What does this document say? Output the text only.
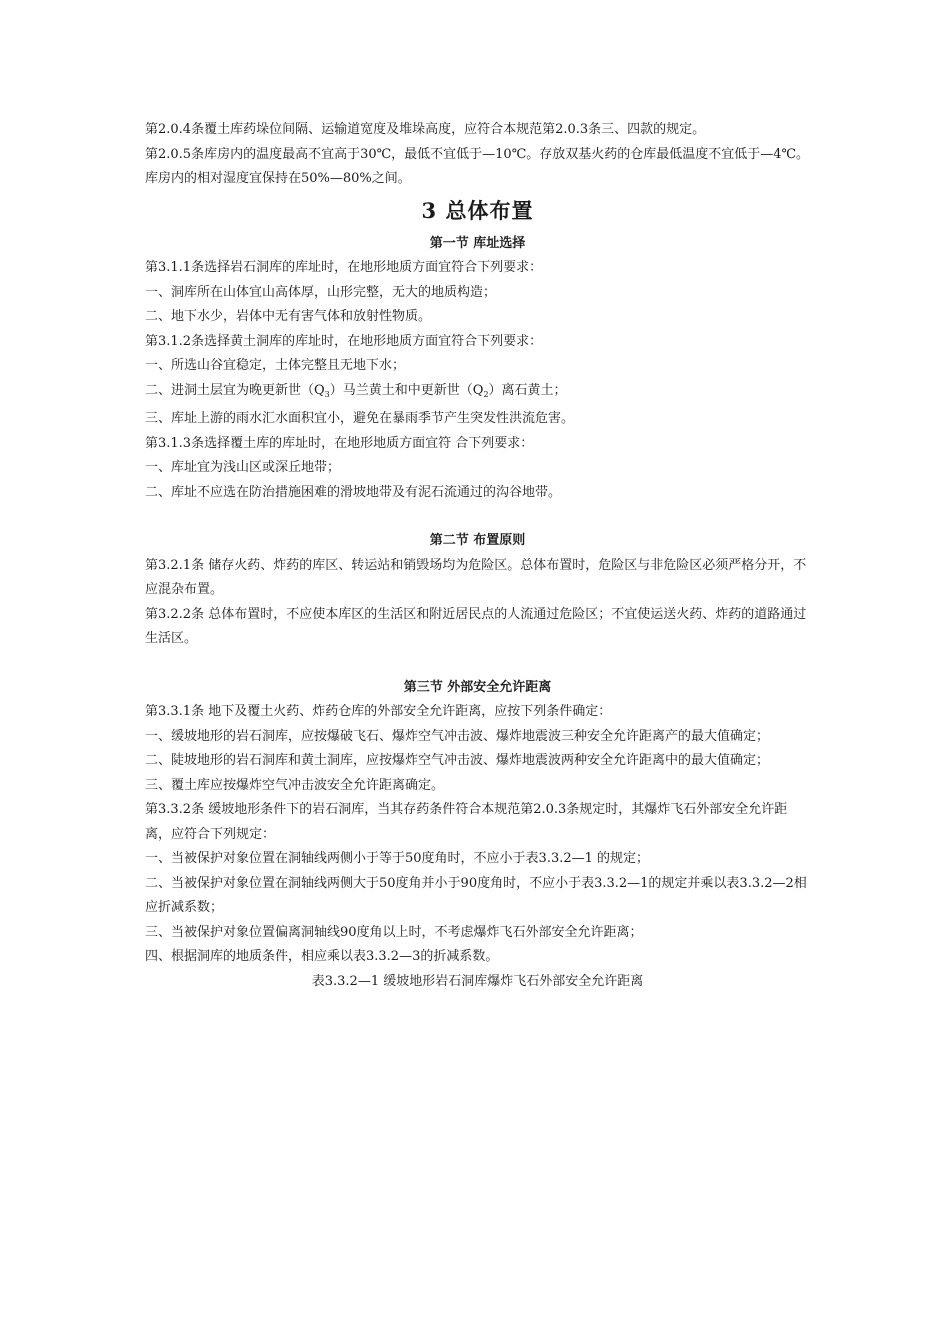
第2.0.4条覆土库药垛位间隔、运输道宽度及堆垛高度，应符合本规范第2.0.3条三、四款的规定。

第2.0.5条库房内的温度最高不宜高于30℃，最低不宜低于—10℃。存放双基火药的仓库最低温度不宜低于—4℃。库房内的相对湿度宜保持在50%—80%之间。

3 总体布置
第一节 库址选择

第3.1.1条选择岩石洞库的库址时，在地形地质方面宜符合下列要求：

一、洞库所在山体宜山高体厚，山形完整，无大的地质构造；

二、地下水少，岩体中无有害气体和放射性物质。

第3.1.2条选择黄土洞库的库址时，在地形地质方面宜符合下列要求：

一、所选山谷宜稳定，土体完整且无地下水；

二、进洞土层宜为晚更新世$(Q_3)$马兰黄土和中更新世$(Q_2)$离石黄土；

三、库址上游的雨水汇水面积宜小，避免在暴雨季节产生突发性洪流危害。

第3.1.3条选择覆土库的库址时，在地形地质方面宜符 合下列要求：

一、库址宜为浅山区或深丘地带；

二、库址不应选在防治措施困难的滑坡地带及有泥石流通过的沟谷地带。

第二节 布置原则

第3.2.1条 储存火药、炸药的库区、转运站和销毁场均为危险区。总体布置时，危险区与非危险区必须严格分开，不应混杂布置。

第3.2.2条 总体布置时，不应使本库区的生活区和附近居民点的人流通过危险区；不宜使运送火药、炸药的道路通过生活区。

第三节 外部安全允许距离

第3.3.1条 地下及覆土火药、炸药仓库的外部安全允许距离，应按下列条件确定：

一、缓坡地形的岩石洞库，应按爆破飞石、爆炸空气冲击波、爆炸地震波三种安全允许距离产的最大值确定；

二、陡坡地形的岩石洞库和黄土洞库，应按爆炸空气冲击波、爆炸地震波两种安全允许距离中的最大值确定；

三、覆土库应按爆炸空气冲击波安全允许距离确定。

第3.3.2条 缓坡地形条件下的岩石洞库，当其存药条件符合本规范第2.0.3条规定时，其爆炸飞石外部安全允许距离，应符合下列规定：

一、当被保护对象位置在洞轴线两侧小于等于50度角时，不应小于表3.3.2—1 的规定；

二、当被保护对象位置在洞轴线两侧大于50度角并小于90度角时，不应小于表3.3.2—1的规定并乘以表3.3.2—2相应折减系数；

三、当被保护对象位置偏离洞轴线90度角以上时，不考虑爆炸飞石外部安全允许距离；

四、根据洞库的地质条件，相应乘以表3.3.2—3的折减系数。

表3.3.2—1 缓坡地形岩石洞库爆炸飞石外部安全允许距离
